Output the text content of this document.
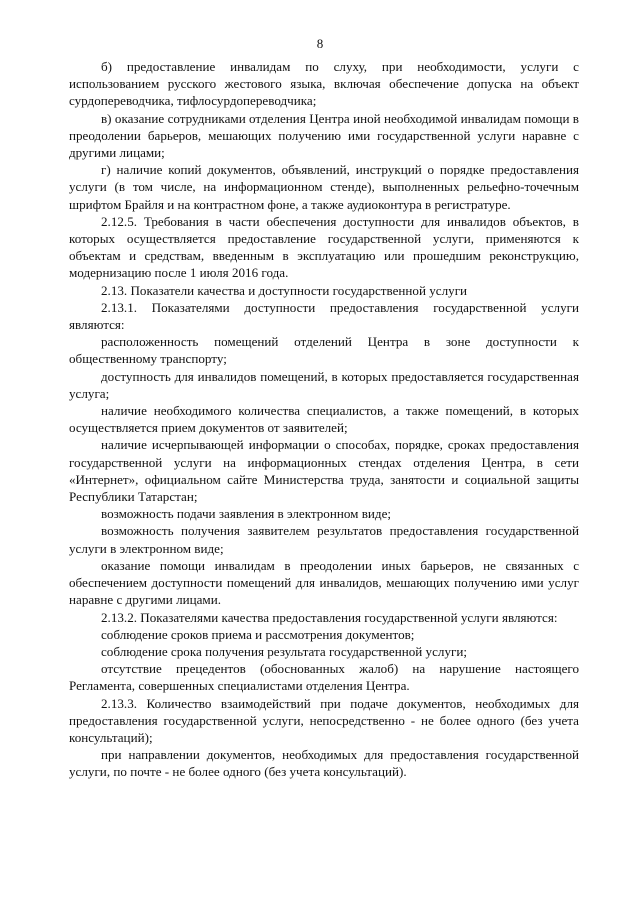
8

б) предоставление инвалидам по слуху, при необходимости, услуги с использованием русского жестового языка, включая обеспечение допуска на объект сурдопереводчика, тифлосурдопереводчика;

в) оказание сотрудниками отделения Центра иной необходимой инвалидам помощи в преодолении барьеров, мешающих получению ими государственной услуги наравне с другими лицами;

г) наличие копий документов, объявлений, инструкций о порядке предоставления услуги (в том числе, на информационном стенде), выполненных рельефно-точечным шрифтом Брайля и на контрастном фоне, а также аудиоконтура в регистратуре.

2.12.5. Требования в части обеспечения доступности для инвалидов объектов, в которых осуществляется предоставление государственной услуги, применяются к объектам и средствам, введенным в эксплуатацию или прошедшим реконструкцию, модернизацию после 1 июля 2016 года.

2.13. Показатели качества и доступности государственной услуги

2.13.1. Показателями доступности предоставления государственной услуги являются:

расположенность помещений отделений Центра в зоне доступности к общественному транспорту;

доступность для инвалидов помещений, в которых предоставляется государственная услуга;

наличие необходимого количества специалистов, а также помещений, в которых осуществляется прием документов от заявителей;

наличие исчерпывающей информации о способах, порядке, сроках предоставления государственной услуги на информационных стендах отделения Центра, в сети «Интернет», официальном сайте Министерства труда, занятости и социальной защиты Республики Татарстан;

возможность подачи заявления в электронном виде;

возможность получения заявителем результатов предоставления государственной услуги в электронном виде;

оказание помощи инвалидам в преодолении иных барьеров, не связанных с обеспечением доступности помещений для инвалидов, мешающих получению ими услуг наравне с другими лицами.

2.13.2. Показателями качества предоставления государственной услуги являются:

соблюдение сроков приема и рассмотрения документов;

соблюдение срока получения результата государственной услуги;

отсутствие прецедентов (обоснованных жалоб) на нарушение настоящего Регламента, совершенных специалистами отделения Центра.

2.13.3. Количество взаимодействий при подаче документов, необходимых для предоставления государственной услуги, непосредственно - не более одного (без учета консультаций);

при направлении документов, необходимых для предоставления государственной услуги, по почте - не более одного (без учета консультаций).
